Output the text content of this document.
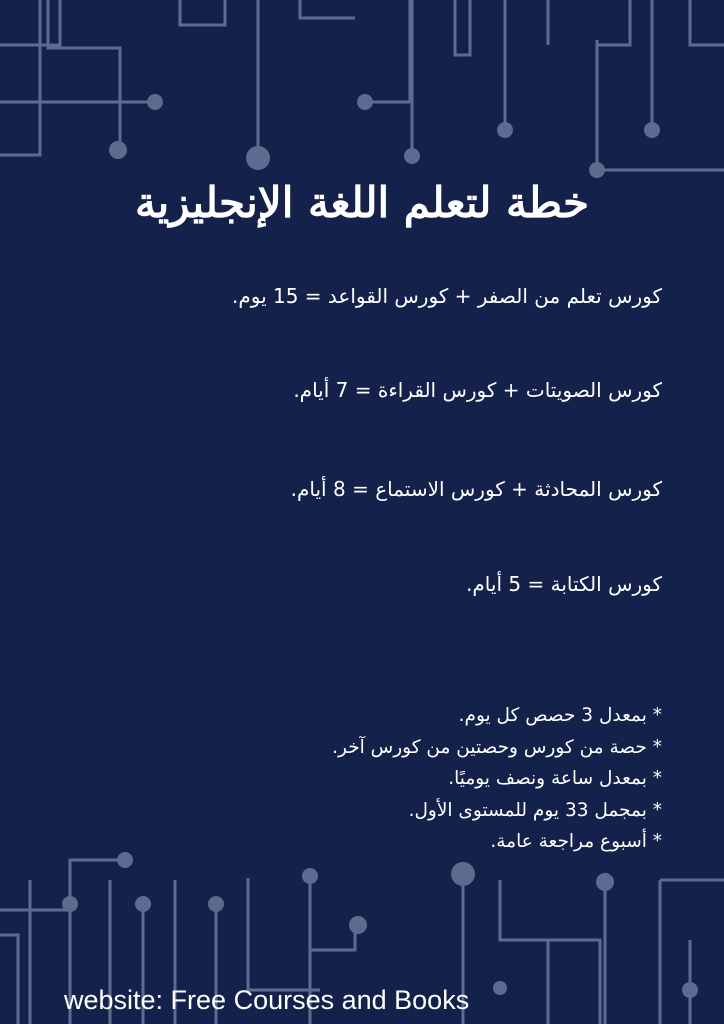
خطة لتعلم اللغة الإنجليزية
كورس تعلم من الصفر + كورس القواعد = 15 يوم.
كورس الصويتات + كورس القراءة = 7 أيام.
كورس المحادثة + كورس الاستماع = 8 أيام.
كورس الكتابة = 5 أيام.
* بمعدل 3 حصص كل يوم.
* حصة من كورس وحصتين من كورس آخر.
* بمعدل ساعة ونصف يوميًا.
* بمجمل 33 يوم للمستوى الأول.
* أسبوع مراجعة عامة.
website: Free Courses and Books
